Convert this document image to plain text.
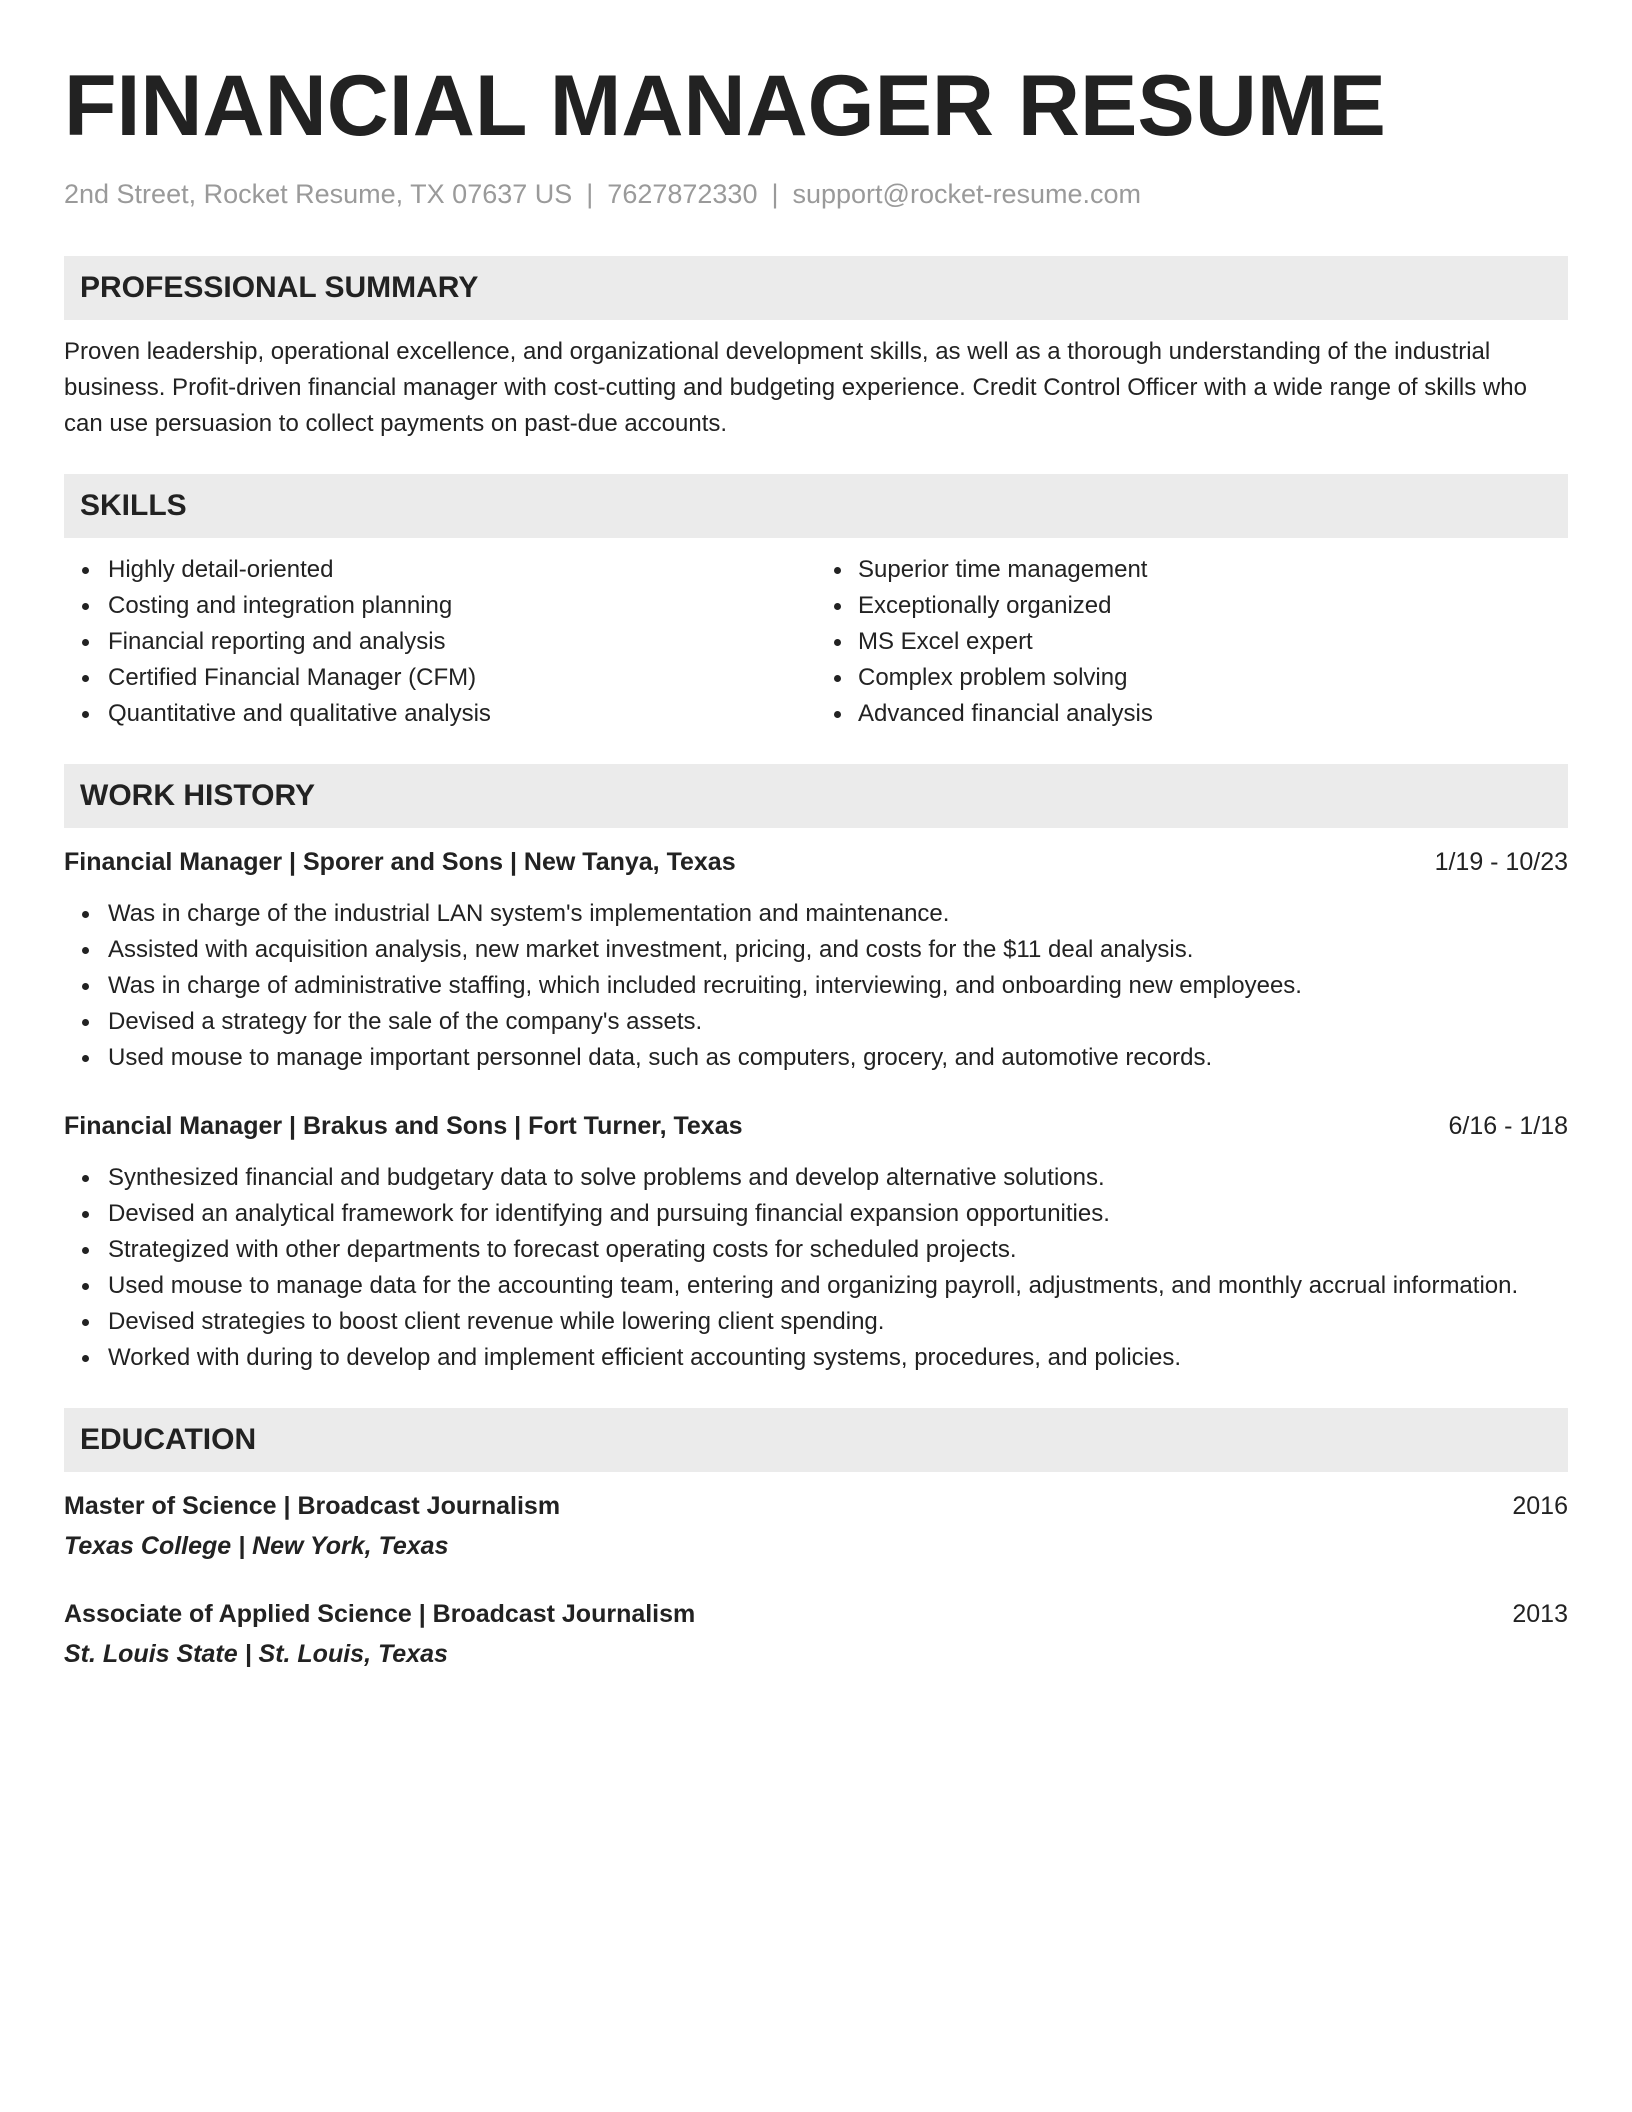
FINANCIAL MANAGER RESUME
2nd Street, Rocket Resume, TX 07637 US | 7627872330 | support@rocket-resume.com
PROFESSIONAL SUMMARY
Proven leadership, operational excellence, and organizational development skills, as well as a thorough understanding of the industrial business. Profit-driven financial manager with cost-cutting and budgeting experience. Credit Control Officer with a wide range of skills who can use persuasion to collect payments on past-due accounts.
SKILLS
Highly detail-oriented
Costing and integration planning
Financial reporting and analysis
Certified Financial Manager (CFM)
Quantitative and qualitative analysis
Superior time management
Exceptionally organized
MS Excel expert
Complex problem solving
Advanced financial analysis
WORK HISTORY
Financial Manager | Sporer and Sons | New Tanya, Texas	1/19 - 10/23
Was in charge of the industrial LAN system's implementation and maintenance.
Assisted with acquisition analysis, new market investment, pricing, and costs for the $11 deal analysis.
Was in charge of administrative staffing, which included recruiting, interviewing, and onboarding new employees.
Devised a strategy for the sale of the company's assets.
Used mouse to manage important personnel data, such as computers, grocery, and automotive records.
Financial Manager | Brakus and Sons | Fort Turner, Texas	6/16 - 1/18
Synthesized financial and budgetary data to solve problems and develop alternative solutions.
Devised an analytical framework for identifying and pursuing financial expansion opportunities.
Strategized with other departments to forecast operating costs for scheduled projects.
Used mouse to manage data for the accounting team, entering and organizing payroll, adjustments, and monthly accrual information.
Devised strategies to boost client revenue while lowering client spending.
Worked with during to develop and implement efficient accounting systems, procedures, and policies.
EDUCATION
Master of Science | Broadcast Journalism	2016
Texas College | New York, Texas
Associate of Applied Science | Broadcast Journalism	2013
St. Louis State | St. Louis, Texas
